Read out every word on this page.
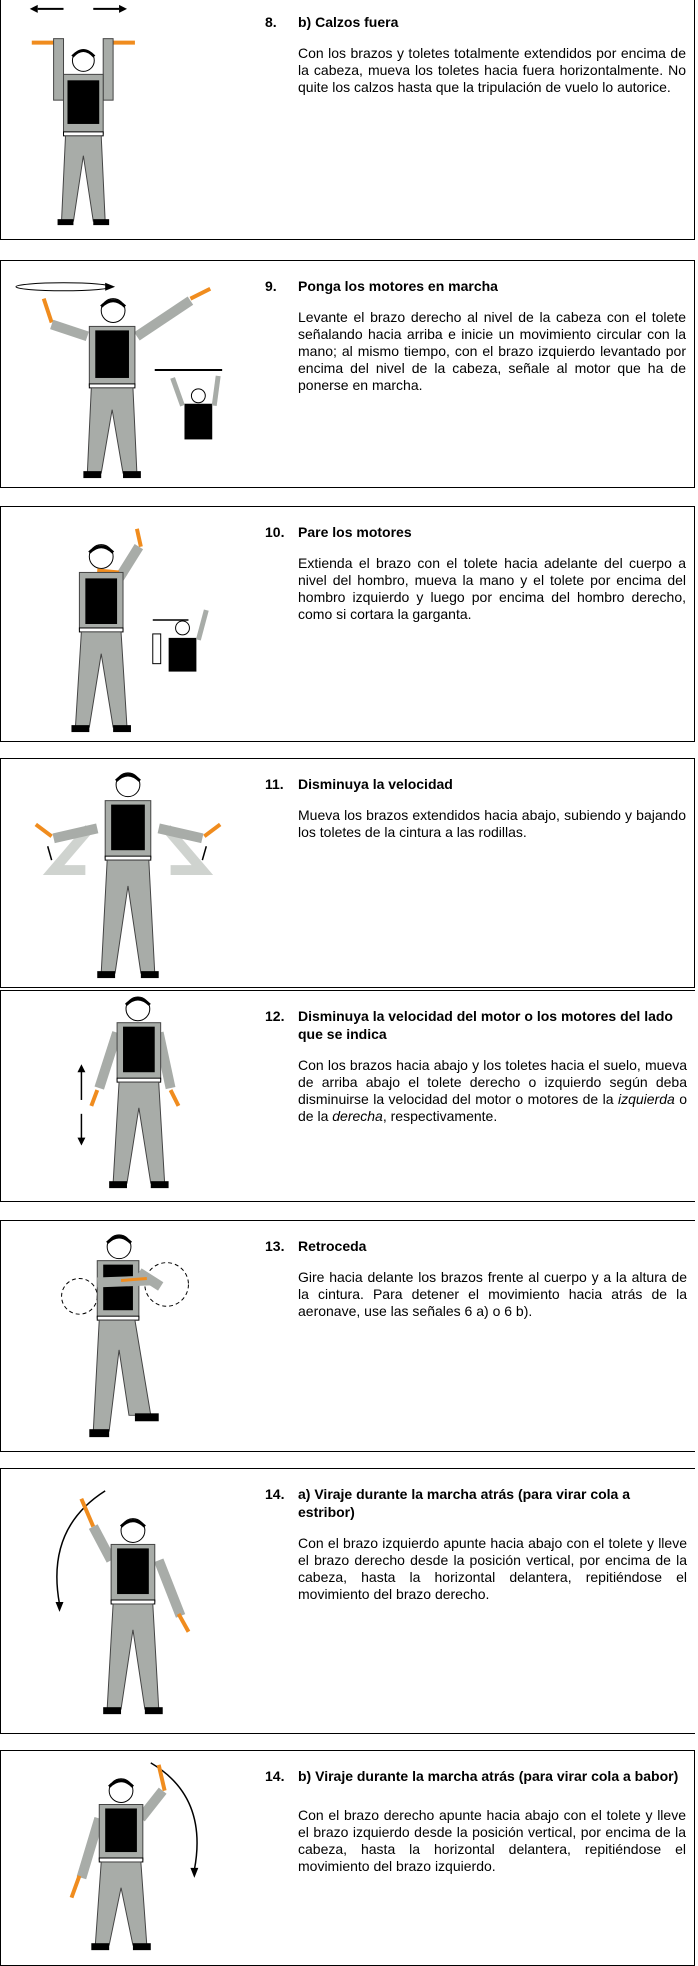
8.	b) Calzos fuera
Con los brazos y toletes totalmente extendidos por encima de la cabeza, mueva los toletes hacia fuera horizontalmente. No quite los calzos hasta que la tripulación de vuelo lo autorice.
9.	Ponga los motores en marcha
Levante el brazo derecho al nivel de la cabeza con el tolete señalando hacia arriba e inicie un movimiento circular con la mano; al mismo tiempo, con el brazo izquierdo levantado por encima del nivel de la cabeza, señale al motor que ha de ponerse en marcha.
10. Pare los motores
Extienda el brazo con el tolete hacia adelante del cuerpo a nivel del hombro, mueva la mano y el tolete por encima del hombro izquierdo y luego por encima del hombro derecho, como si cortara la garganta.
11.	Disminuya la velocidad
Mueva los brazos extendidos hacia abajo, subiendo y bajando los toletes de la cintura a las rodillas.
12. Disminuya la velocidad del motor o los motores del lado que se indica
Con los brazos hacia abajo y los toletes hacia el suelo, mueva de arriba abajo el tolete derecho o izquierdo según deba disminuirse la velocidad del motor o motores de la izquierda o de la derecha, respectivamente.
13. Retroceda
Gire hacia delante los brazos frente al cuerpo y a la altura de la cintura. Para detener el movimiento hacia atrás de la aeronave, use las señales 6 a) o 6 b).
14. a) Viraje durante la marcha atrás (para virar cola a estribor)
Con el brazo izquierdo apunte hacia abajo con el tolete y lleve el brazo derecho desde la posición vertical, por encima de la cabeza, hasta la horizontal delantera, repitiéndose el movimiento del brazo derecho.
14. b) Viraje durante la marcha atrás (para virar cola a babor)
Con el brazo derecho apunte hacia abajo con el tolete y lleve el brazo izquierdo desde la posición vertical, por encima de la cabeza, hasta la horizontal delantera, repitiéndose el movimiento del brazo izquierdo.
